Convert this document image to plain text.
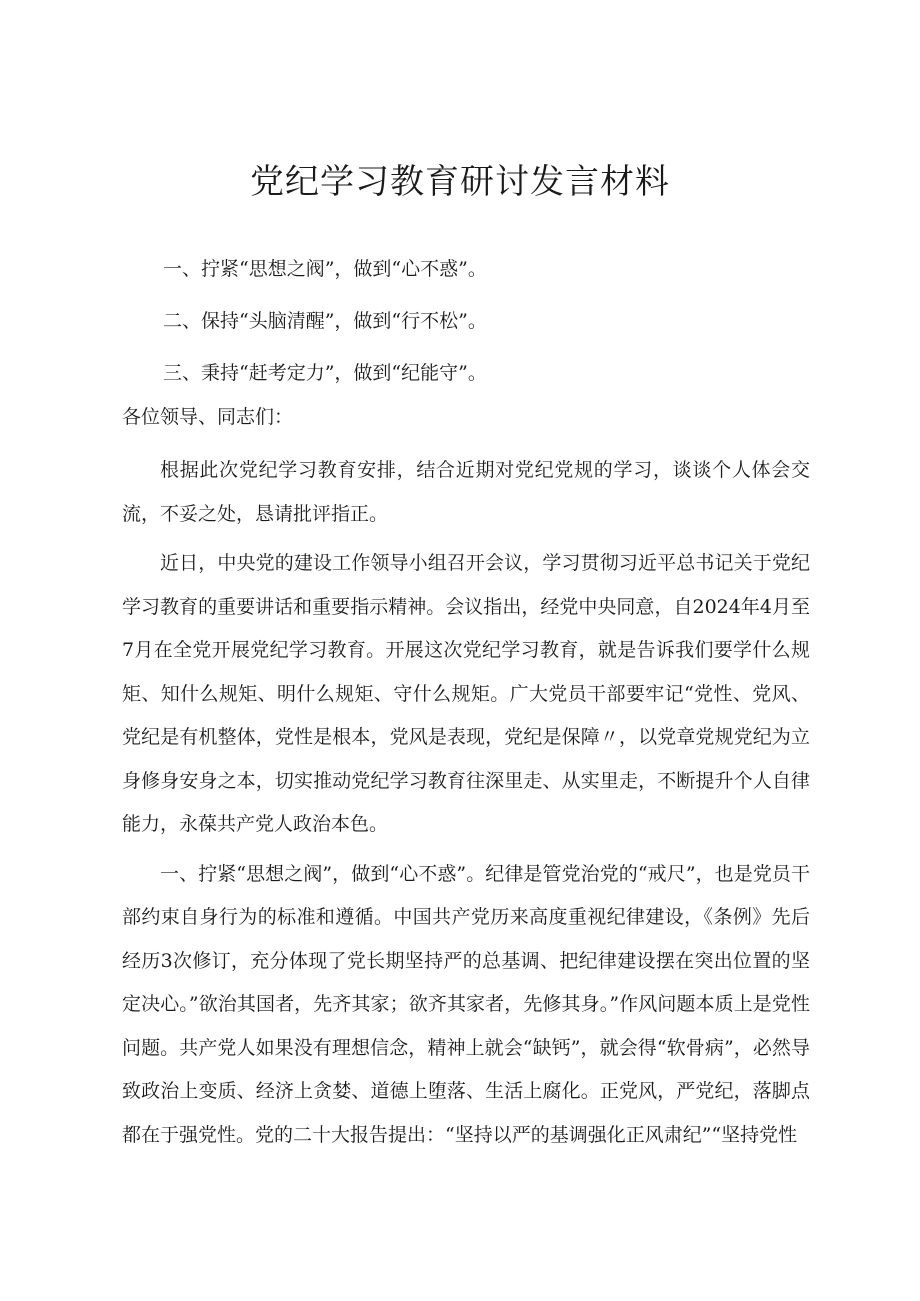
党纪学习教育研讨发言材料
一、拧紧“思想之阀”，做到“心不惑”。
二、保持“头脑清醒”，做到“行不松”。
三、秉持“赶考定力”，做到“纪能守”。

各位领导、同志们：

根据此次党纪学习教育安排，结合近期对党纪党规的学习，谈谈个人体会交流，不妥之处，恳请批评指正。

近日，中央党的建设工作领导小组召开会议，学习贯彻习近平总书记关于党纪学习教育的重要讲话和重要指示精神。会议指出，经党中央同意，自2024年4月至7月在全党开展党纪学习教育。开展这次党纪学习教育，就是告诉我们要学什么规矩、知什么规矩、明什么规矩、守什么规矩。广大党员干部要牢记“党性、党风、党纪是有机整体，党性是根本，党风是表现，党纪是保障〃，以党章党规党纪为立身修身安身之本，切实推动党纪学习教育往深里走、从实里走，不断提升个人自律能力，永葆共产党人政治本色。

一、拧紧“思想之阀”，做到“心不惑”。纪律是管党治党的“戒尺”，也是党员干部约束自身行为的标准和遵循。中国共产党历来高度重视纪律建设，《条例》先后经历3次修订，充分体现了党长期坚持严的总基调、把纪律建设摆在突出位置的坚定决心。”欲治其国者，先齐其家；欲齐其家者，先修其身。”作风问题本质上是党性问题。共产党人如果没有理想信念，精神上就会“缺钙”，就会得“软骨病”，必然导致政治上变质、经济上贪婪、道德上堕落、生活上腐化。正党风，严党纪，落脚点都在于强党性。党的二十大报告提出：“坚持以严的基调强化正风肃纪”“坚持党性
